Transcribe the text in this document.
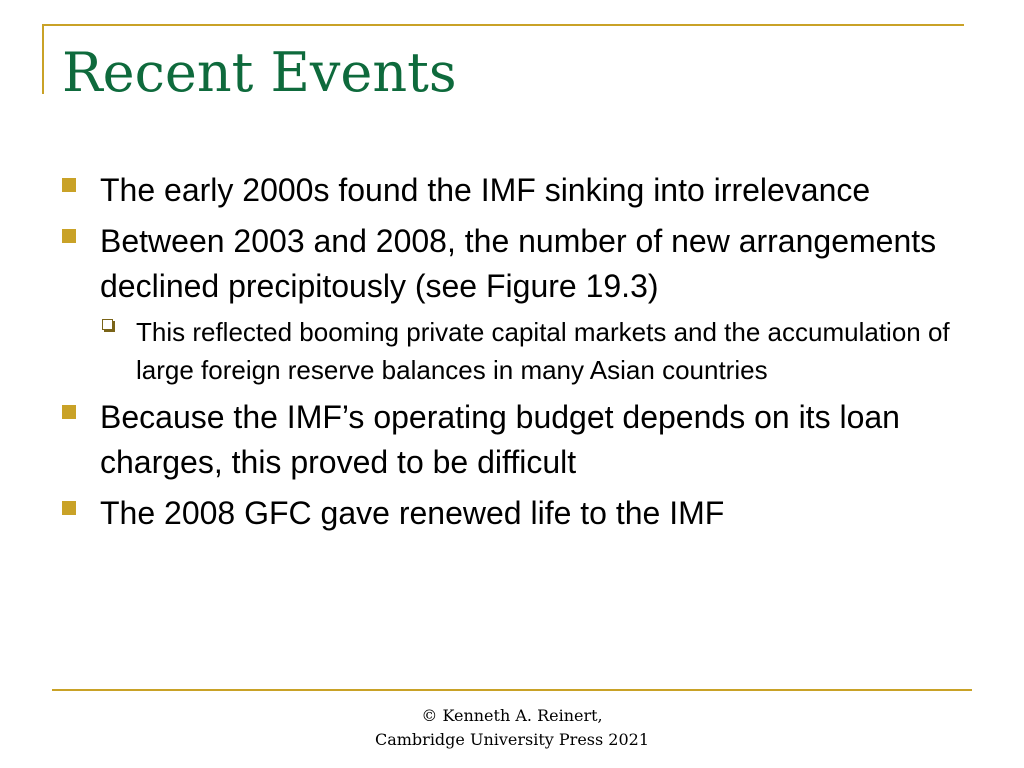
Recent Events
The early 2000s found the IMF sinking into irrelevance
Between 2003 and 2008, the number of new arrangements declined precipitously (see Figure 19.3)
This reflected booming private capital markets and the accumulation of large foreign reserve balances in many Asian countries
Because the IMF’s operating budget depends on its loan charges, this proved to be difficult
The 2008 GFC gave renewed life to the IMF
© Kenneth A. Reinert,
Cambridge University Press 2021
